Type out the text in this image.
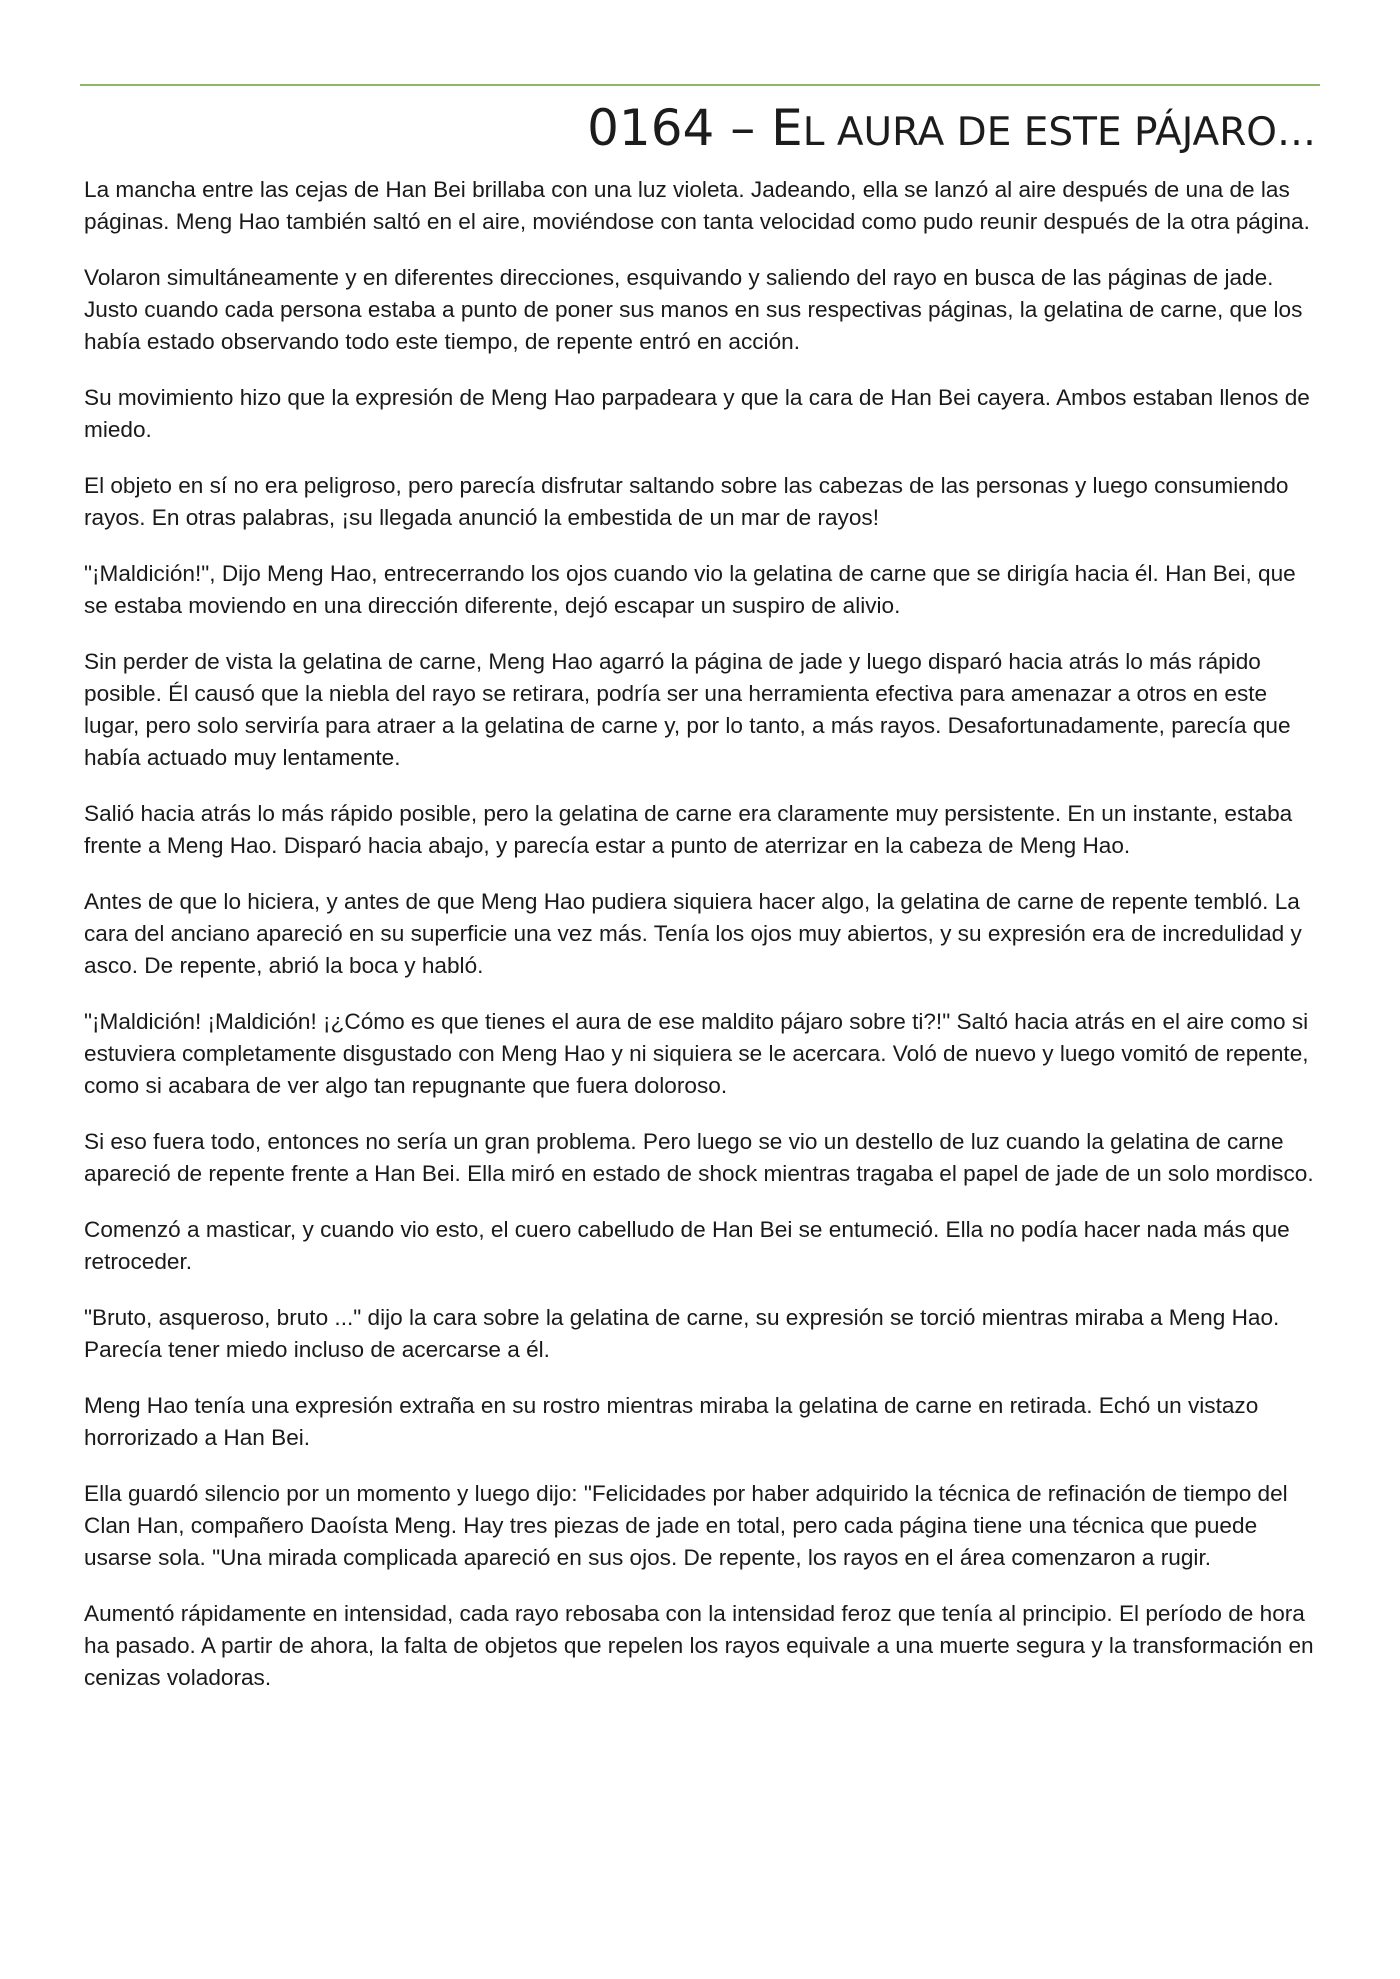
0164 – EL AURA DE ESTE PÁJARO…

La mancha entre las cejas de Han Bei brillaba con una luz violeta. Jadeando, ella se lanzó al aire después de una de las páginas. Meng Hao también saltó en el aire, moviéndose con tanta velocidad como pudo reunir después de la otra página.

Volaron simultáneamente y en diferentes direcciones, esquivando y saliendo del rayo en busca de las páginas de jade. Justo cuando cada persona estaba a punto de poner sus manos en sus respectivas páginas, la gelatina de carne, que los había estado observando todo este tiempo, de repente entró en acción.

Su movimiento hizo que la expresión de Meng Hao parpadeara y que la cara de Han Bei cayera. Ambos estaban llenos de miedo.

El objeto en sí no era peligroso, pero parecía disfrutar saltando sobre las cabezas de las personas y luego consumiendo rayos. En otras palabras, ¡su llegada anunció la embestida de un mar de rayos!

"¡Maldición!", Dijo Meng Hao, entrecerrando los ojos cuando vio la gelatina de carne que se dirigía hacia él. Han Bei, que se estaba moviendo en una dirección diferente, dejó escapar un suspiro de alivio.

Sin perder de vista la gelatina de carne, Meng Hao agarró la página de jade y luego disparó hacia atrás lo más rápido posible. Él causó que la niebla del rayo se retirara, podría ser una herramienta efectiva para amenazar a otros en este lugar, pero solo serviría para atraer a la gelatina de carne y, por lo tanto, a más rayos. Desafortunadamente, parecía que había actuado muy lentamente.

Salió hacia atrás lo más rápido posible, pero la gelatina de carne era claramente muy persistente. En un instante, estaba frente a Meng Hao. Disparó hacia abajo, y parecía estar a punto de aterrizar en la cabeza de Meng Hao.

Antes de que lo hiciera, y antes de que Meng Hao pudiera siquiera hacer algo, la gelatina de carne de repente tembló. La cara del anciano apareció en su superficie una vez más. Tenía los ojos muy abiertos, y su expresión era de incredulidad y asco. De repente, abrió la boca y habló.

"¡Maldición! ¡Maldición! ¡¿Cómo es que tienes el aura de ese maldito pájaro sobre ti?!" Saltó hacia atrás en el aire como si estuviera completamente disgustado con Meng Hao y ni siquiera se le acercara. Voló de nuevo y luego vomitó de repente, como si acabara de ver algo tan repugnante que fuera doloroso.

Si eso fuera todo, entonces no sería un gran problema. Pero luego se vio un destello de luz cuando la gelatina de carne apareció de repente frente a Han Bei. Ella miró en estado de shock mientras tragaba el papel de jade de un solo mordisco.

Comenzó a masticar, y cuando vio esto, el cuero cabelludo de Han Bei se entumeció. Ella no podía hacer nada más que retroceder.

"Bruto, asqueroso, bruto ..." dijo la cara sobre la gelatina de carne, su expresión se torció mientras miraba a Meng Hao. Parecía tener miedo incluso de acercarse a él.

Meng Hao tenía una expresión extraña en su rostro mientras miraba la gelatina de carne en retirada. Echó un vistazo horrorizado a Han Bei.

Ella guardó silencio por un momento y luego dijo: "Felicidades por haber adquirido la técnica de refinación de tiempo del Clan Han, compañero Daoísta Meng. Hay tres piezas de jade en total, pero cada página tiene una técnica que puede usarse sola. "Una mirada complicada apareció en sus ojos. De repente, los rayos en el área comenzaron a rugir.

Aumentó rápidamente en intensidad, cada rayo rebosaba con la intensidad feroz que tenía al principio. El período de hora ha pasado. A partir de ahora, la falta de objetos que repelen los rayos equivale a una muerte segura y la transformación en cenizas voladoras.
